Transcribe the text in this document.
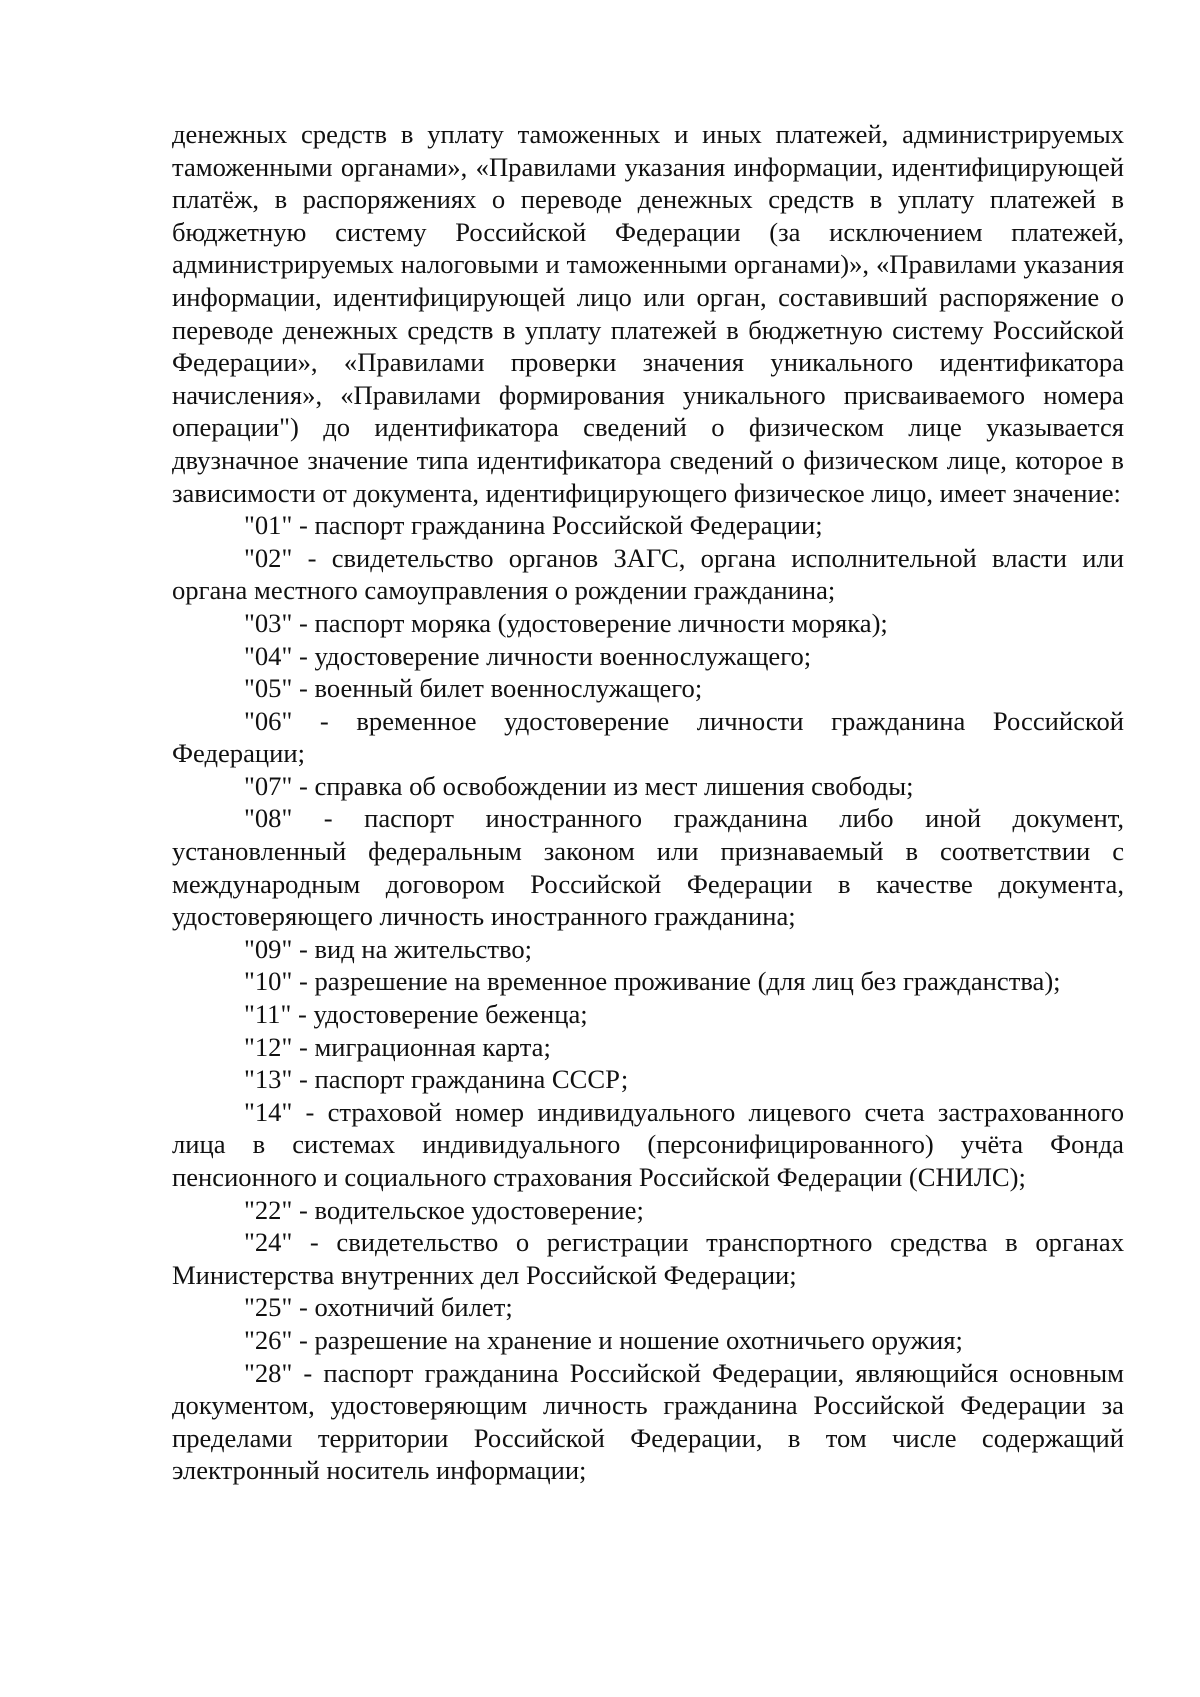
денежных средств в уплату таможенных и иных платежей, администрируемых таможенными органами», «Правилами указания информации, идентифицирующей платёж, в распоряжениях о переводе денежных средств в уплату платежей в бюджетную систему Российской Федерации (за исключением платежей, администрируемых налоговыми и таможенными органами)», «Правилами указания информации, идентифицирующей лицо или орган, составивший распоряжение о переводе денежных средств в уплату платежей в бюджетную систему Российской Федерации», «Правилами проверки значения уникального идентификатора начисления», «Правилами формирования уникального присваиваемого номера операции") до идентификатора сведений о физическом лице указывается двузначное значение типа идентификатора сведений о физическом лице, которое в зависимости от документа, идентифицирующего физическое лицо, имеет значение:

"01" - паспорт гражданина Российской Федерации;

"02" - свидетельство органов ЗАГС, органа исполнительной власти или органа местного самоуправления о рождении гражданина;

"03" - паспорт моряка (удостоверение личности моряка);

"04" - удостоверение личности военнослужащего;

"05" - военный билет военнослужащего;

"06" - временное удостоверение личности гражданина Российской Федерации;

"07" - справка об освобождении из мест лишения свободы;

"08" - паспорт иностранного гражданина либо иной документ, установленный федеральным законом или признаваемый в соответствии с международным договором Российской Федерации в качестве документа, удостоверяющего личность иностранного гражданина;

"09" - вид на жительство;

"10" - разрешение на временное проживание (для лиц без гражданства);

"11" - удостоверение беженца;

"12" - миграционная карта;

"13" - паспорт гражданина СССР;

"14" - страховой номер индивидуального лицевого счета застрахованного лица в системах индивидуального (персонифицированного) учёта Фонда пенсионного и социального страхования Российской Федерации (СНИЛС);

"22" - водительское удостоверение;

"24" - свидетельство о регистрации транспортного средства в органах Министерства внутренних дел Российской Федерации;

"25" - охотничий билет;

"26" - разрешение на хранение и ношение охотничьего оружия;

"28" - паспорт гражданина Российской Федерации, являющийся основным документом, удостоверяющим личность гражданина Российской Федерации за пределами территории Российской Федерации, в том числе содержащий электронный носитель информации;
